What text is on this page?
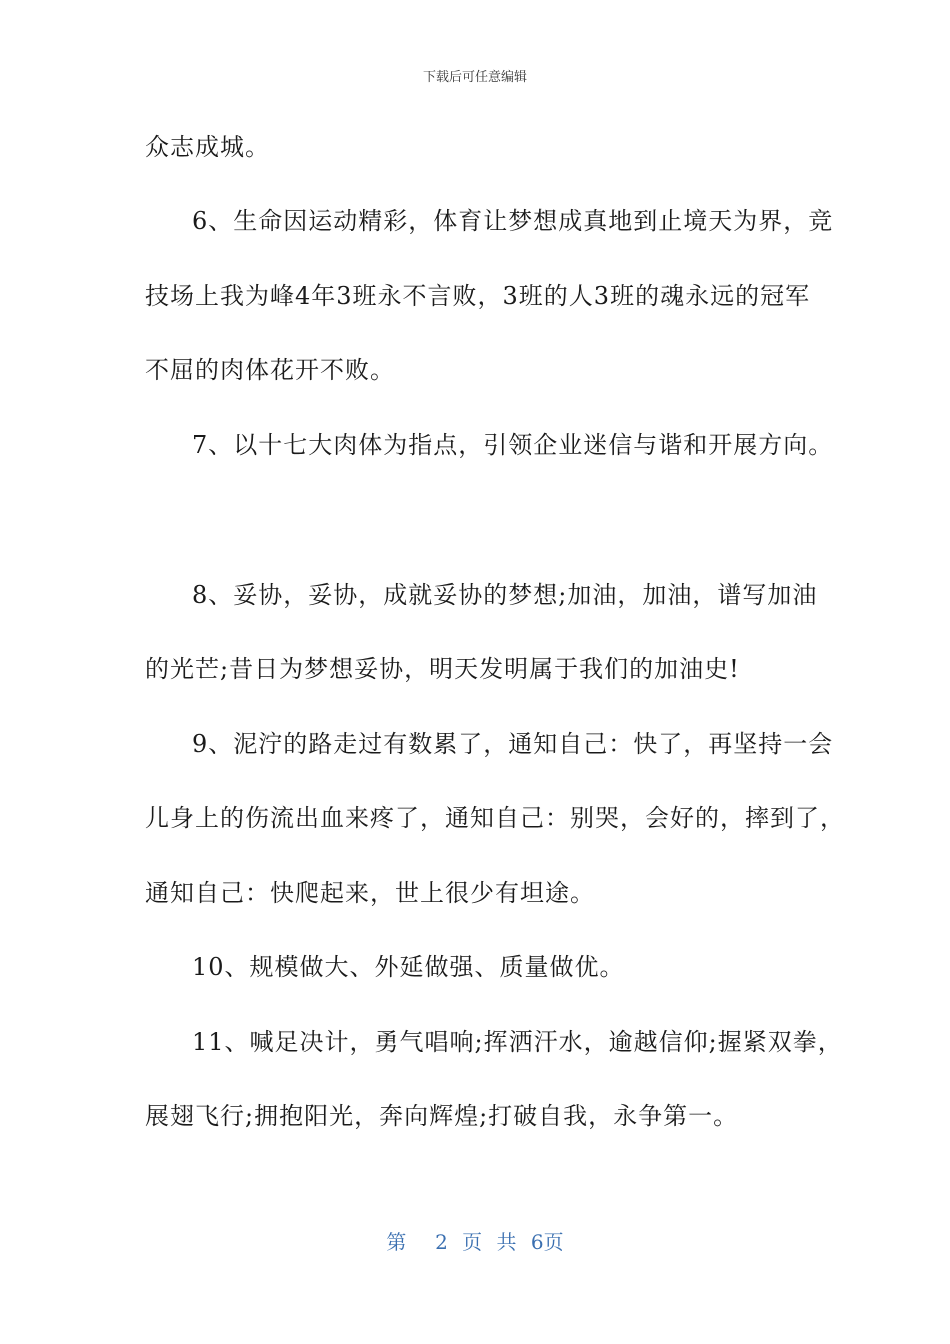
下载后可任意编辑
众志成城。
6、生命因运动精彩，体育让梦想成真地到止境天为界，竞
技场上我为峰4年3班永不言败，3班的人3班的魂永远的冠军
不屈的肉体花开不败。
7、以十七大肉体为指点，引领企业迷信与谐和开展方向。
8、妥协，妥协，成就妥协的梦想;加油，加油，谱写加油
的光芒;昔日为梦想妥协，明天发明属于我们的加油史!
9、泥泞的路走过有数累了，通知自己：快了，再坚持一会
儿身上的伤流出血来疼了，通知自己：别哭，会好的，摔到了，
通知自己：快爬起来，世上很少有坦途。
10、规模做大、外延做强、质量做优。
11、喊足决计，勇气唱响;挥洒汗水，逾越信仰;握紧双拳，
展翅飞行;拥抱阳光，奔向辉煌;打破自我，永争第一。
第  2 页 共 6页
